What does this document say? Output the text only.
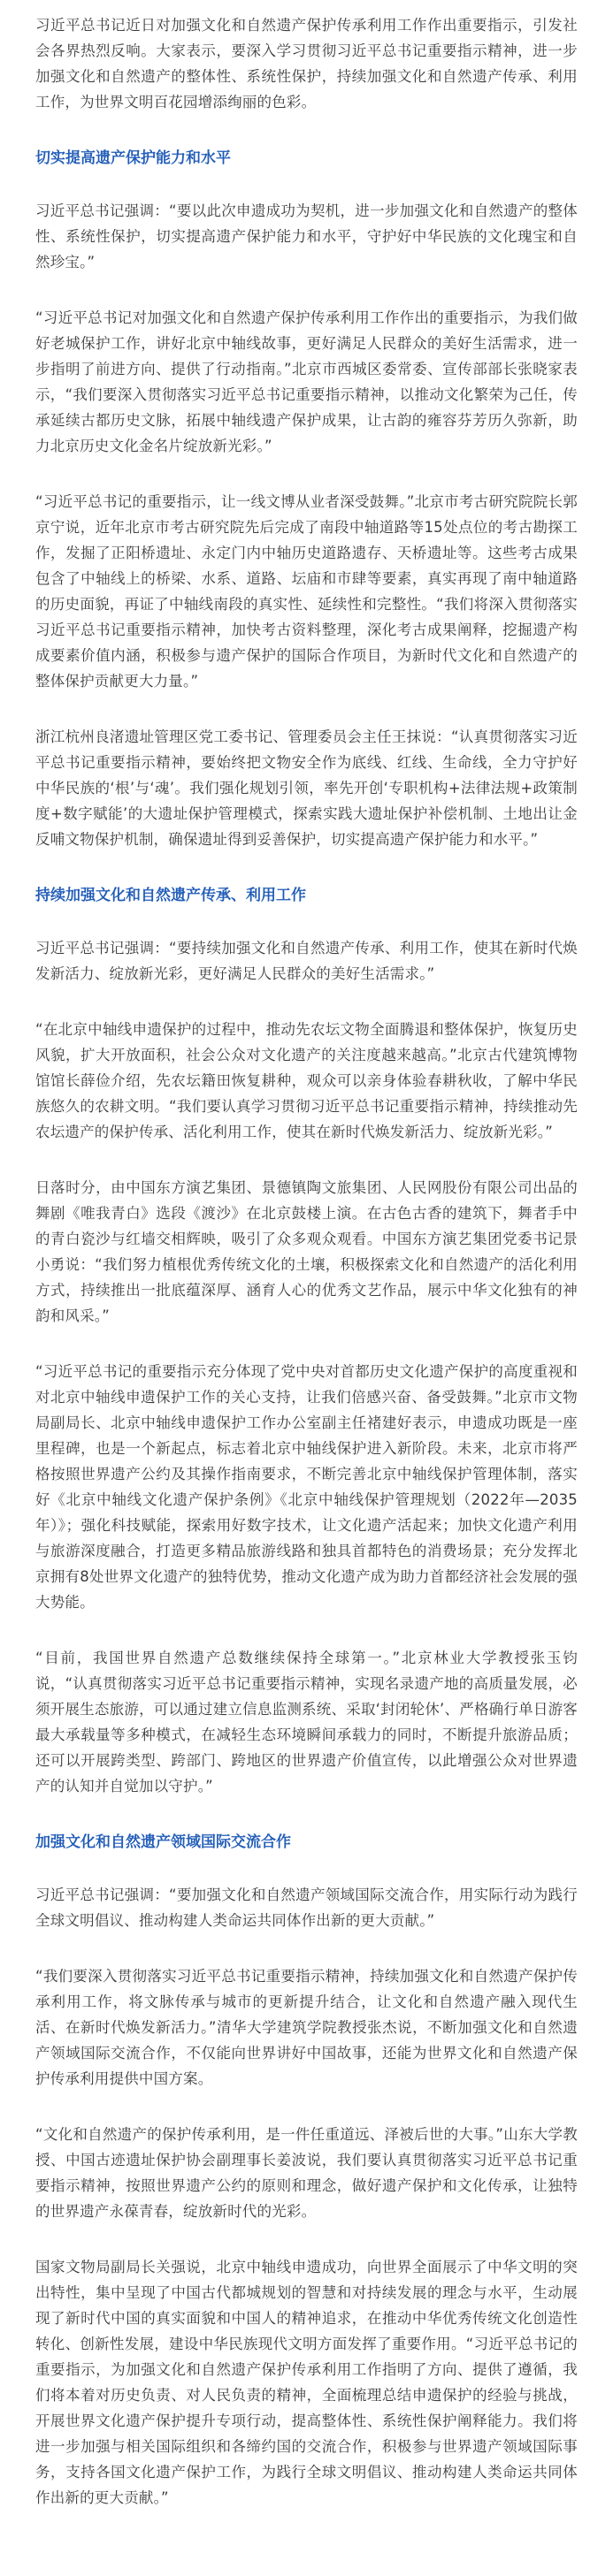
习近平总书记近日对加强文化和自然遗产保护传承利用工作作出重要指示，引发社会各界热烈反响。大家表示，要深入学习贯彻习近平总书记重要指示精神，进一步加强文化和自然遗产的整体性、系统性保护，持续加强文化和自然遗产传承、利用工作，为世界文明百花园增添绚丽的色彩。

切实提高遗产保护能力和水平

习近平总书记强调：“要以此次申遗成功为契机，进一步加强文化和自然遗产的整体性、系统性保护，切实提高遗产保护能力和水平，守护好中华民族的文化瑰宝和自然珍宝。”

“习近平总书记对加强文化和自然遗产保护传承利用工作作出的重要指示，为我们做好老城保护工作，讲好北京中轴线故事，更好满足人民群众的美好生活需求，进一步指明了前进方向、提供了行动指南。”北京市西城区委常委、宣传部部长张晓家表示，“我们要深入贯彻落实习近平总书记重要指示精神，以推动文化繁荣为己任，传承延续古都历史文脉，拓展中轴线遗产保护成果，让古韵的雍容芬芳历久弥新，助力北京历史文化金名片绽放新光彩。”

“习近平总书记的重要指示，让一线文博从业者深受鼓舞。”北京市考古研究院院长郭京宁说，近年北京市考古研究院先后完成了南段中轴道路等15处点位的考古勘探工作，发掘了正阳桥遗址、永定门内中轴历史道路遗存、天桥遗址等。这些考古成果包含了中轴线上的桥梁、水系、道路、坛庙和市肆等要素，真实再现了南中轴道路的历史面貌，再证了中轴线南段的真实性、延续性和完整性。“我们将深入贯彻落实习近平总书记重要指示精神，加快考古资料整理，深化考古成果阐释，挖掘遗产构成要素价值内涵，积极参与遗产保护的国际合作项目，为新时代文化和自然遗产的整体保护贡献更大力量。”

浙江杭州良渚遗址管理区党工委书记、管理委员会主任王抹说：“认真贯彻落实习近平总书记重要指示精神，要始终把文物安全作为底线、红线、生命线，全力守护好中华民族的‘根’与‘魂’。我们强化规划引领，率先开创‘专职机构+法律法规+政策制度+数字赋能’的大遗址保护管理模式，探索实践大遗址保护补偿机制、土地出让金反哺文物保护机制，确保遗址得到妥善保护，切实提高遗产保护能力和水平。”

持续加强文化和自然遗产传承、利用工作

习近平总书记强调：“要持续加强文化和自然遗产传承、利用工作，使其在新时代焕发新活力、绽放新光彩，更好满足人民群众的美好生活需求。”

“在北京中轴线申遗保护的过程中，推动先农坛文物全面腾退和整体保护，恢复历史风貌，扩大开放面积，社会公众对文化遗产的关注度越来越高。”北京古代建筑博物馆馆长薛俭介绍，先农坛籍田恢复耕种，观众可以亲身体验春耕秋收，了解中华民族悠久的农耕文明。“我们要认真学习贯彻习近平总书记重要指示精神，持续推动先农坛遗产的保护传承、活化利用工作，使其在新时代焕发新活力、绽放新光彩。”

日落时分，由中国东方演艺集团、景德镇陶文旅集团、人民网股份有限公司出品的舞剧《唯我青白》选段《渡沙》在北京鼓楼上演。在古色古香的建筑下，舞者手中的青白瓷沙与红墙交相辉映，吸引了众多观众观看。中国东方演艺集团党委书记景小勇说：“我们努力植根优秀传统文化的土壤，积极探索文化和自然遗产的活化利用方式，持续推出一批底蕴深厚、涵育人心的优秀文艺作品，展示中华文化独有的神韵和风采。”

“习近平总书记的重要指示充分体现了党中央对首都历史文化遗产保护的高度重视和对北京中轴线申遗保护工作的关心支持，让我们倍感兴奋、备受鼓舞。”北京市文物局副局长、北京中轴线申遗保护工作办公室副主任褚建好表示，申遗成功既是一座里程碑，也是一个新起点，标志着北京中轴线保护进入新阶段。未来，北京市将严格按照世界遗产公约及其操作指南要求，不断完善北京中轴线保护管理体制，落实好《北京中轴线文化遗产保护条例》《北京中轴线保护管理规划（2022年—2035年）》；强化科技赋能，探索用好数字技术，让文化遗产活起来；加快文化遗产利用与旅游深度融合，打造更多精品旅游线路和独具首都特色的消费场景；充分发挥北京拥有8处世界文化遗产的独特优势，推动文化遗产成为助力首都经济社会发展的强大势能。

“目前，我国世界自然遗产总数继续保持全球第一。”北京林业大学教授张玉钧说，“认真贯彻落实习近平总书记重要指示精神，实现名录遗产地的高质量发展，必须开展生态旅游，可以通过建立信息监测系统、采取‘封闭轮休’、严格确行单日游客最大承载量等多种模式，在减轻生态环境瞬间承载力的同时，不断提升旅游品质；还可以开展跨类型、跨部门、跨地区的世界遗产价值宣传，以此增强公众对世界遗产的认知并自觉加以守护。”

加强文化和自然遗产领域国际交流合作

习近平总书记强调：“要加强文化和自然遗产领域国际交流合作，用实际行动为践行全球文明倡议、推动构建人类命运共同体作出新的更大贡献。”

“我们要深入贯彻落实习近平总书记重要指示精神，持续加强文化和自然遗产保护传承利用工作，将文脉传承与城市的更新提升结合，让文化和自然遗产融入现代生活、在新时代焕发新活力。”清华大学建筑学院教授张杰说，不断加强文化和自然遗产领域国际交流合作，不仅能向世界讲好中国故事，还能为世界文化和自然遗产保护传承利用提供中国方案。

“文化和自然遗产的保护传承利用，是一件任重道远、泽被后世的大事。”山东大学教授、中国古迹遗址保护协会副理事长姜波说，我们要认真贯彻落实习近平总书记重要指示精神，按照世界遗产公约的原则和理念，做好遗产保护和文化传承，让独特的世界遗产永葆青春，绽放新时代的光彩。

国家文物局副局长关强说，北京中轴线申遗成功，向世界全面展示了中华文明的突出特性，集中呈现了中国古代都城规划的智慧和对持续发展的理念与水平，生动展现了新时代中国的真实面貌和中国人的精神追求，在推动中华优秀传统文化创造性转化、创新性发展，建设中华民族现代文明方面发挥了重要作用。“习近平总书记的重要指示，为加强文化和自然遗产保护传承利用工作指明了方向、提供了遵循，我们将本着对历史负责、对人民负责的精神，全面梳理总结申遗保护的经验与挑战，开展世界文化遗产保护提升专项行动，提高整体性、系统性保护阐释能力。我们将进一步加强与相关国际组织和各缔约国的交流合作，积极参与世界遗产领域国际事务，支持各国文化遗产保护工作，为践行全球文明倡议、推动构建人类命运共同体作出新的更大贡献。”
